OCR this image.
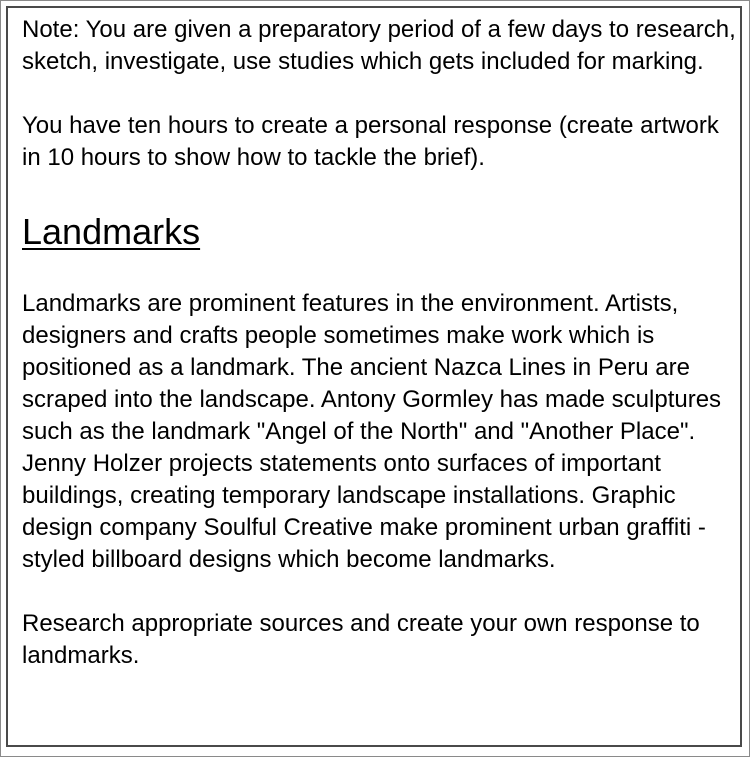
Note: You are given a preparatory period of a few days to research, sketch, investigate, use studies which gets included for marking.

You have ten hours to create a personal response (create artwork in 10 hours to show how to tackle the brief).

Landmarks

Landmarks are prominent features in the environment. Artists, designers and crafts people sometimes make work which is positioned as a landmark. The ancient Nazca Lines in Peru are scraped into the landscape. Antony Gormley has made sculptures such as the landmark "Angel of the North" and "Another Place". Jenny Holzer projects statements onto surfaces of important buildings, creating temporary landscape installations. Graphic design company Soulful Creative make prominent urban graffiti - styled billboard designs which become landmarks.

Research appropriate sources and create your own response to landmarks.
